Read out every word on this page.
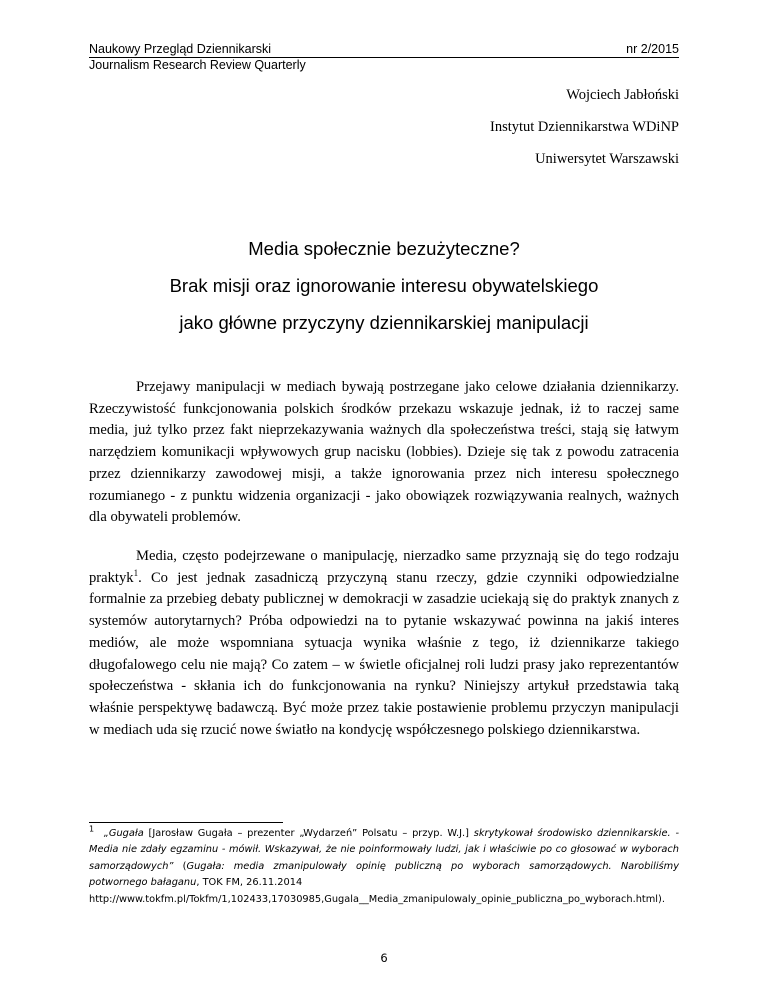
Naukowy Przegląd Dziennikarski	nr 2/2015
Journalism Research Review Quarterly
Wojciech Jabłoński
Instytut Dziennikarstwa WDiNP
Uniwersytet Warszawski
Media społecznie bezużyteczne?
Brak misji oraz ignorowanie interesu obywatelskiego
jako główne przyczyny dziennikarskiej manipulacji

Przejawy manipulacji w mediach bywają postrzegane jako celowe działania dziennikarzy. Rzeczywistość funkcjonowania polskich środków przekazu wskazuje jednak, iż to raczej same media, już tylko przez fakt nieprzekazywania ważnych dla społeczeństwa treści, stają się łatwym narzędziem komunikacji wpływowych grup nacisku (lobbies). Dzieje się tak z powodu zatracenia przez dziennikarzy zawodowej misji, a także ignorowania przez nich interesu społecznego rozumianego - z punktu widzenia organizacji - jako obowiązek rozwiązywania realnych, ważnych dla obywateli problemów.

Media, często podejrzewane o manipulację, nierzadko same przyznają się do tego rodzaju praktyk$^1$. Co jest jednak zasadniczą przyczyną stanu rzeczy, gdzie czynniki odpowiedzialne formalnie za przebieg debaty publicznej w demokracji w zasadzie uciekają się do praktyk znanych z systemów autorytarnych? Próba odpowiedzi na to pytanie wskazywać powinna na jakiś interes mediów, ale może wspomniana sytuacja wynika właśnie z tego, iż dziennikarze takiego długofalowego celu nie mają? Co zatem – w świetle oficjalnej roli ludzi prasy jako reprezentantów społeczeństwa - skłania ich do funkcjonowania na rynku? Niniejszy artykuł przedstawia taką właśnie perspektywę badawczą. Być może przez takie postawienie problemu przyczyn manipulacji w mediach uda się rzucić nowe światło na kondycję współczesnego polskiego dziennikarstwa.

$^1$ „Gugała [Jarosław Gugała – prezenter „Wydarzeń” Polsatu – przyp. W.J.] skrytykował środowisko dziennikarskie. - Media nie zdały egzaminu - mówił. Wskazywał, że nie poinformowały ludzi, jak i właściwie po co głosować w wyborach samorządowych” (Gugała: media zmanipulowały opinię publiczną po wyborach samorządowych. Narobiliśmy potwornego bałaganu, TOK FM, 26.11.2014
http://www.tokfm.pl/Tokfm/1,102433,17030985,Gugala__Media_zmanipulowaly_opinie_publiczna_po_wyborach.html).

6
